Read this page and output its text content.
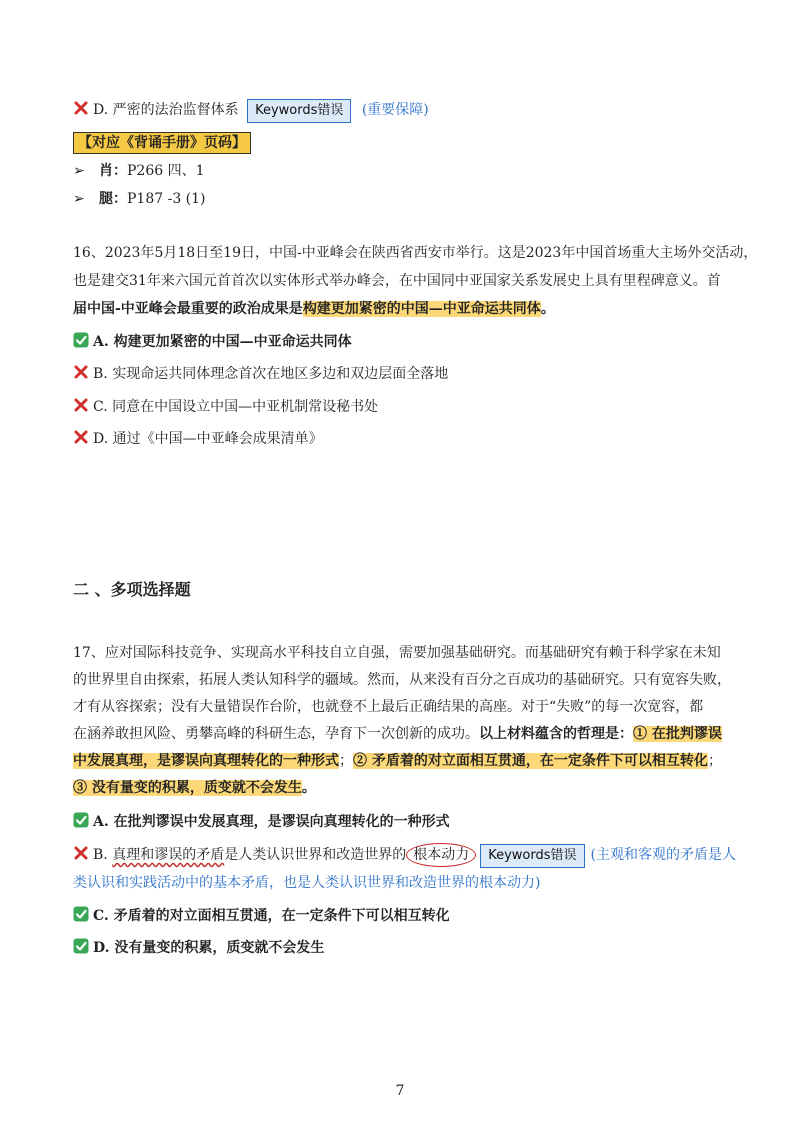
D. 严密的法治监督体系 Keywords错误 (重要保障)
【对应《背诵手册》页码】
➢ 肖：P266 四、1
➢ 腿：P187 -3 (1)
16、2023年5月18日至19日，中国-中亚峰会在陕西省西安市举行。这是2023年中国首场重大主场外交活动，
也是建交31年来六国元首首次以实体形式举办峰会，在中国同中亚国家关系发展史上具有里程碑意义。首
届中国-中亚峰会最重要的政治成果是构建更加紧密的中国—中亚命运共同体。
A. 构建更加紧密的中国—中亚命运共同体
B. 实现命运共同体理念首次在地区多边和双边层面全落地
C. 同意在中国设立中国—中亚机制常设秘书处
D. 通过《中国—中亚峰会成果清单》
二 、多项选择题
17、应对国际科技竞争、实现高水平科技自立自强，需要加强基础研究。而基础研究有赖于科学家在未知
的世界里自由探索，拓展人类认知科学的疆域。然而，从来没有百分之百成功的基础研究。只有宽容失败，
才有从容探索；没有大量错误作台阶，也就登不上最后正确结果的高座。对于“失败”的每一次宽容，都
在涵养敢担风险、勇攀高峰的科研生态，孕育下一次创新的成功。以上材料蕴含的哲理是：① 在批判谬误
中发展真理，是谬误向真理转化的一种形式；② 矛盾着的对立面相互贯通，在一定条件下可以相互转化；
③ 没有量变的积累，质变就不会发生。
A. 在批判谬误中发展真理，是谬误向真理转化的一种形式
B. 真理和谬误的矛盾是人类认识世界和改造世界的 根本动力 Keywords错误 (主观和客观的矛盾是人
类认识和实践活动中的基本矛盾，也是人类认识世界和改造世界的根本动力)
C. 矛盾着的对立面相互贯通，在一定条件下可以相互转化
D. 没有量变的积累，质变就不会发生
7
